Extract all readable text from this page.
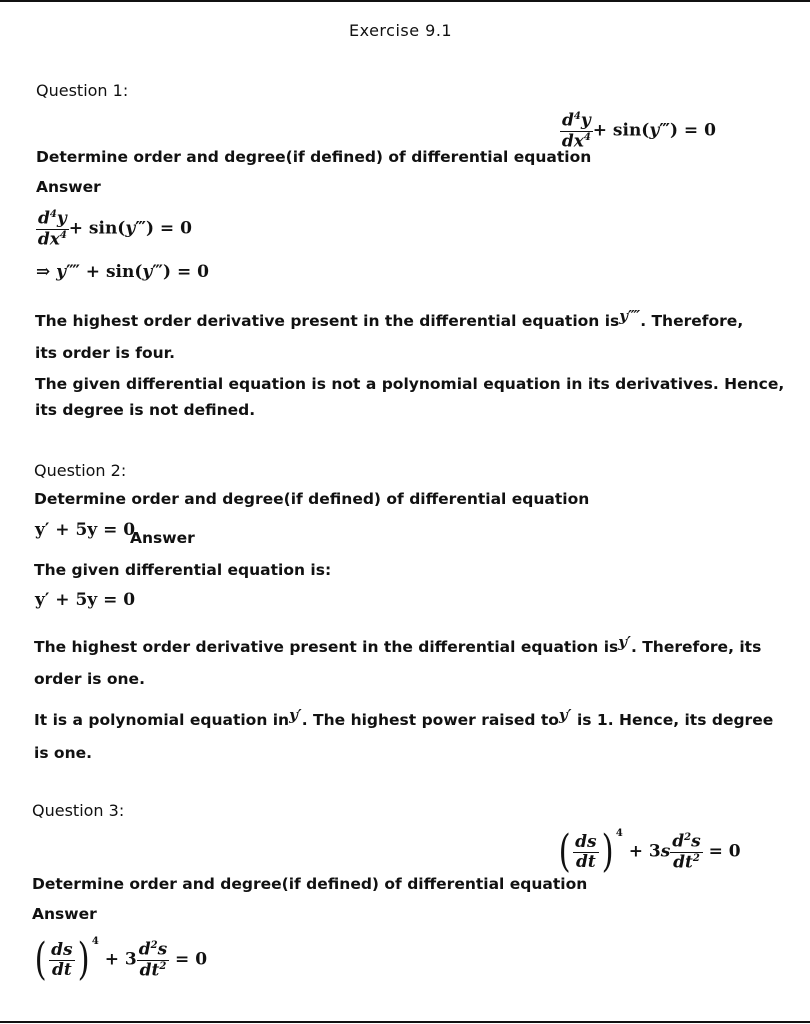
Exercise 9.1
Question 1:
$\frac{d^4y}{dx^4}$ + sin(y‴) = 0
Determine order and degree(if defined) of differential equation
Answer
$\frac{d^4y}{dx^4}$ + sin(y‴) = 0
⇒ y⁗ + sin(y‴) = 0
The highest order derivative present in the differential equation isy⁗. Therefore,
its order is four.
The given differential equation is not a polynomial equation in its derivatives. Hence,
its degree is not defined.
Question 2:
Determine order and degree(if defined) of differential equation
y′ + 5y = 0
Answer
The given differential equation is:
y′ + 5y = 0
The highest order derivative present in the differential equation isy′. Therefore, its
order is one.
It is a polynomial equation iny′. The highest power raised toy′ is 1. Hence, its degree
is one.
Question 3:
( $\frac{ds}{dt}$ ) $^4 + 3s \frac{d^2s}{dt^2} = 0$
Determine order and degree(if defined) of differential equation
Answer
( $\frac{ds}{dt}$ ) $^4 + 3 \frac{d^2s}{dt^2} = 0$
